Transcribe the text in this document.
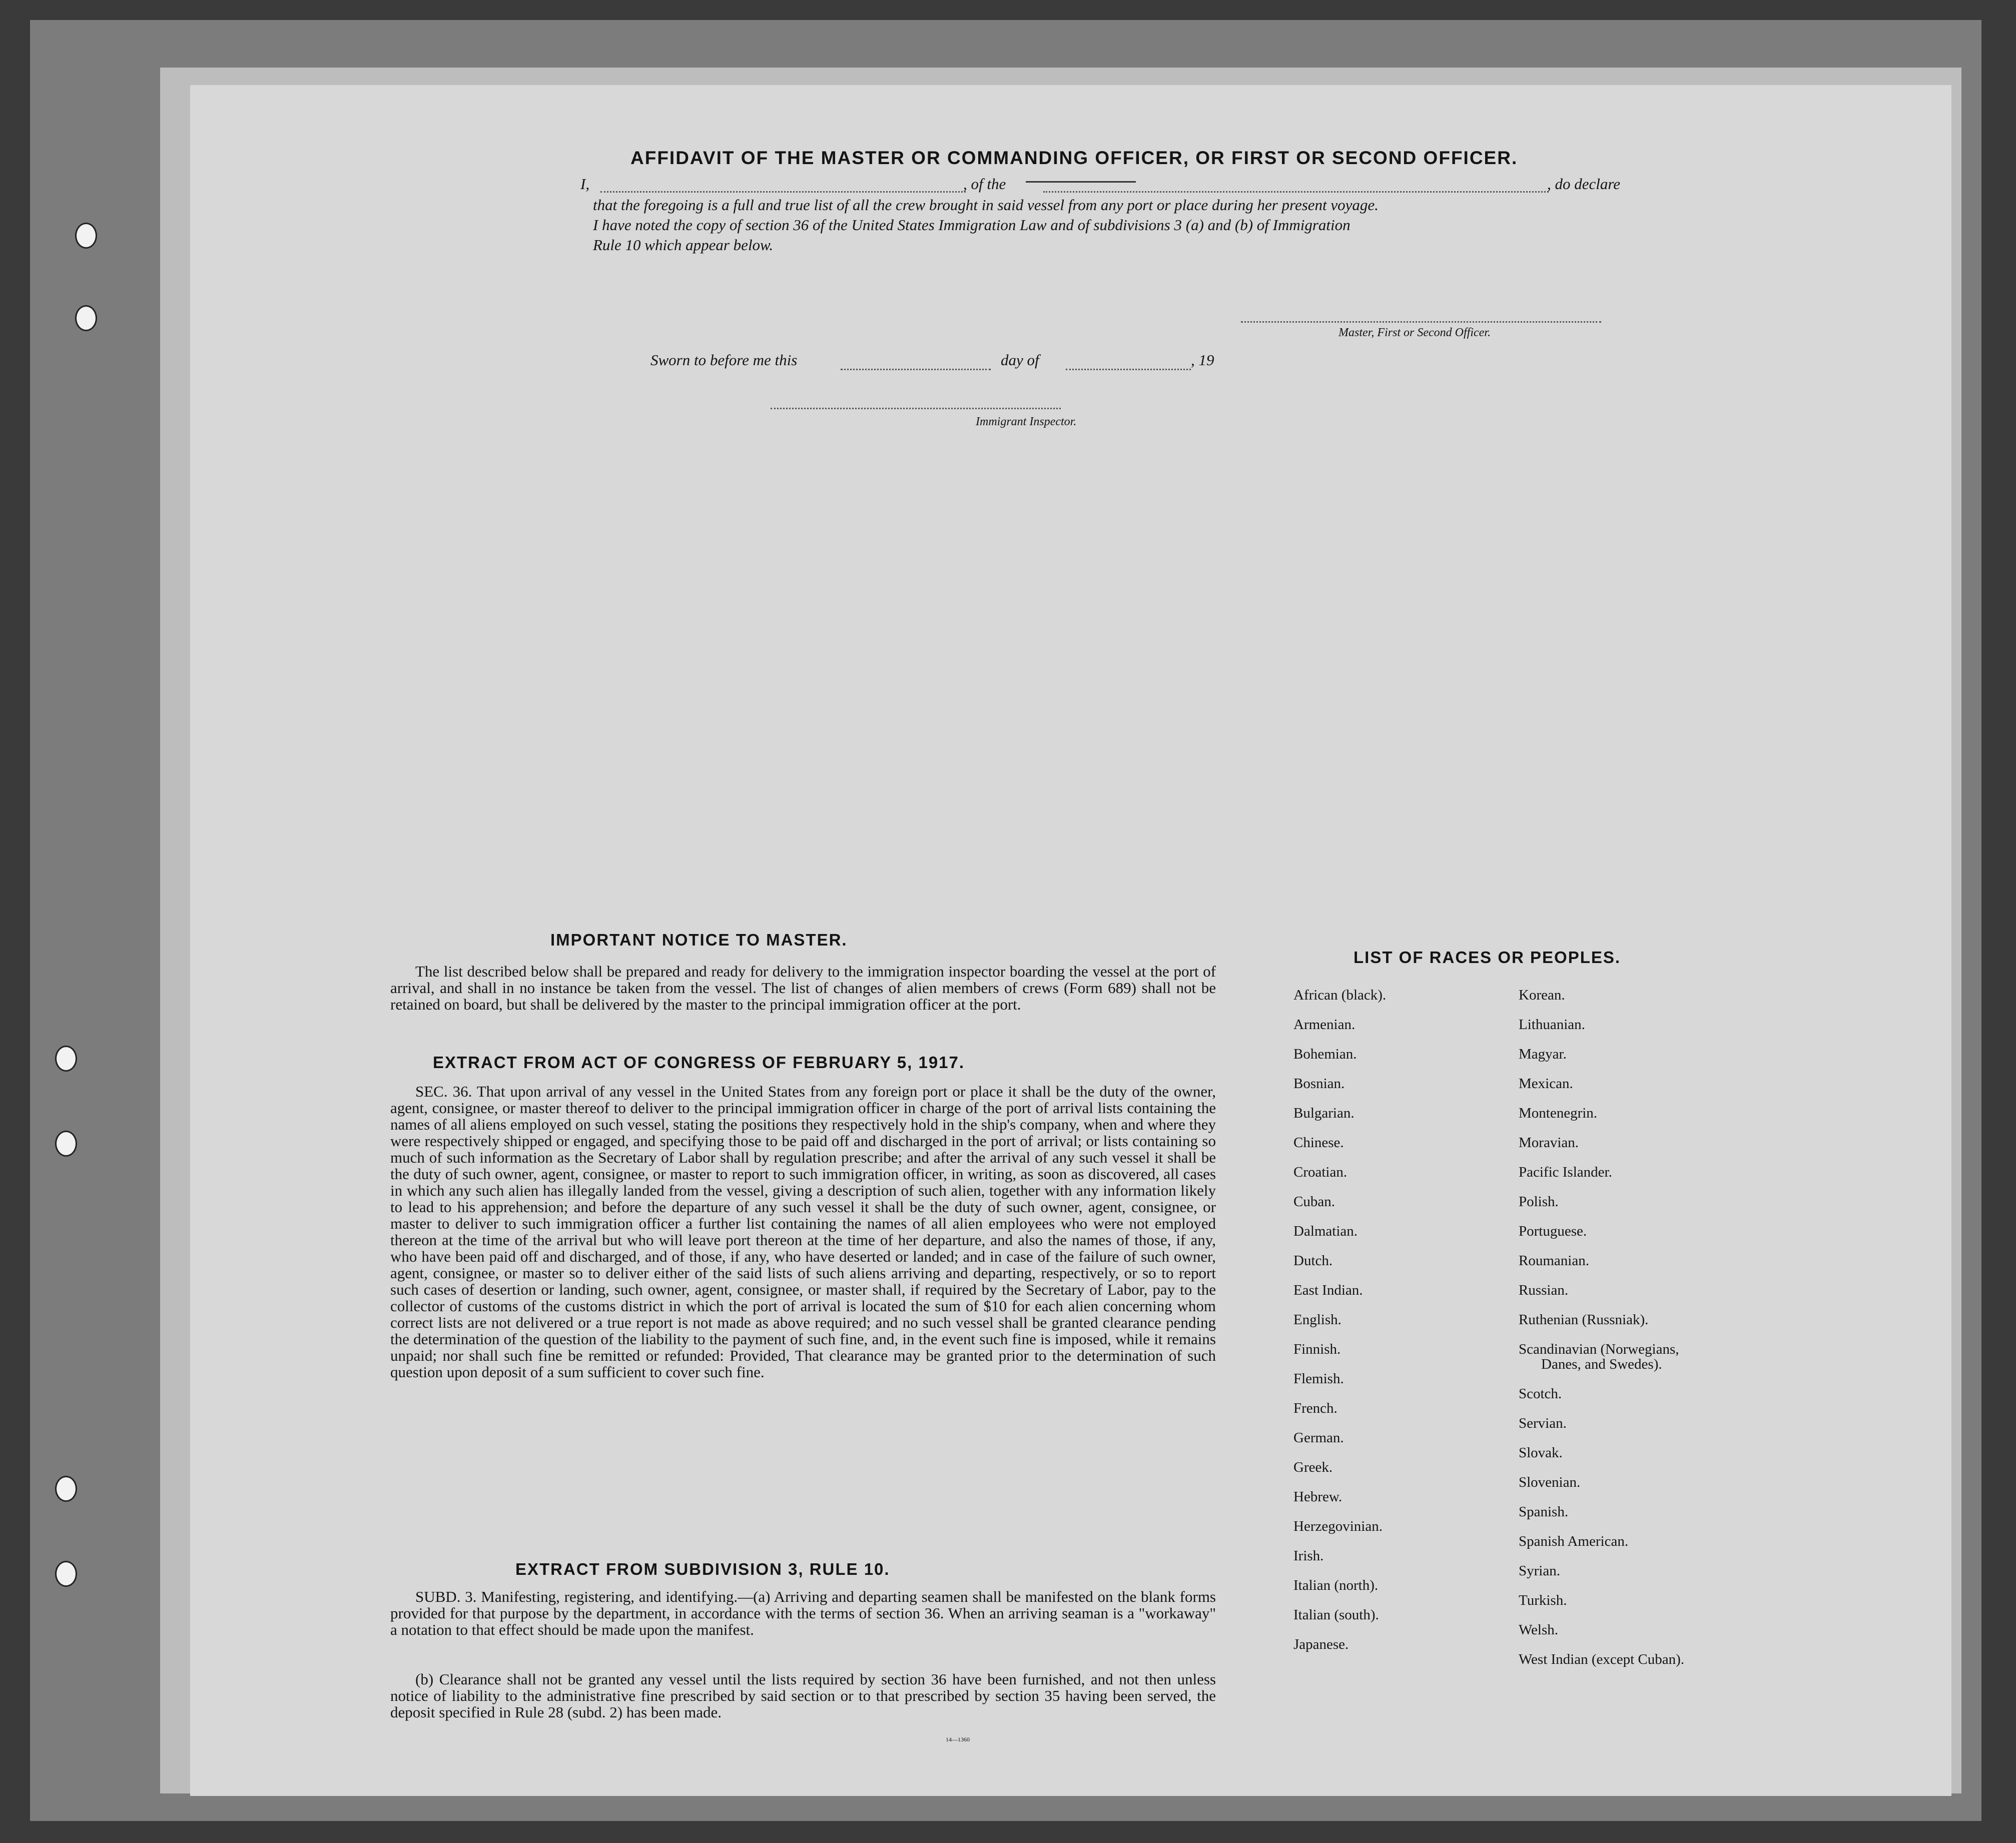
AFFIDAVIT OF THE MASTER OR COMMANDING OFFICER, OR FIRST OR SECOND OFFICER.
I,	, of the	, do declare
that the foregoing is a full and true list of all the crew brought in said vessel from any port or place during her present voyage.
I have noted the copy of section 36 of the United States Immigration Law and of subdivisions 3 (a) and (b) of Immigration
Rule 10 which appear below.
Master, First or Second Officer.
Sworn to before me this	day of	, 19
Immigrant Inspector.
IMPORTANT NOTICE TO MASTER.

The list described below shall be prepared and ready for delivery to the immigration inspector boarding the vessel at the port of arrival, and shall in no instance be taken from the vessel. The list of changes of alien members of crews (Form 689) shall not be retained on board, but shall be delivered by the master to the principal immigration officer at the port.

EXTRACT FROM ACT OF CONGRESS OF FEBRUARY 5, 1917.

SEC. 36. That upon arrival of any vessel in the United States from any foreign port or place it shall be the duty of the owner, agent, consignee, or master thereof to deliver to the principal immigration officer in charge of the port of arrival lists containing the names of all aliens employed on such vessel, stating the positions they respectively hold in the ship's company, when and where they were respectively shipped or engaged, and specifying those to be paid off and discharged in the port of arrival; or lists containing so much of such information as the Secretary of Labor shall by regulation prescribe; and after the arrival of any such vessel it shall be the duty of such owner, agent, consignee, or master to report to such immigration officer, in writing, as soon as discovered, all cases in which any such alien has illegally landed from the vessel, giving a description of such alien, together with any information likely to lead to his apprehension; and before the departure of any such vessel it shall be the duty of such owner, agent, consignee, or master to deliver to such immigration officer a further list containing the names of all alien employees who were not employed thereon at the time of the arrival but who will leave port thereon at the time of her departure, and also the names of those, if any, who have been paid off and discharged, and of those, if any, who have deserted or landed; and in case of the failure of such owner, agent, consignee, or master so to deliver either of the said lists of such aliens arriving and departing, respectively, or so to report such cases of desertion or landing, such owner, agent, consignee, or master shall, if required by the Secretary of Labor, pay to the collector of customs of the customs district in which the port of arrival is located the sum of $10 for each alien concerning whom correct lists are not delivered or a true report is not made as above required; and no such vessel shall be granted clearance pending the determination of the question of the liability to the payment of such fine, and, in the event such fine is imposed, while it remains unpaid; nor shall such fine be remitted or refunded: Provided, That clearance may be granted prior to the determination of such question upon deposit of a sum sufficient to cover such fine.

EXTRACT FROM SUBDIVISION 3, RULE 10.

SUBD. 3. Manifesting, registering, and identifying.—(a) Arriving and departing seamen shall be manifested on the blank forms provided for that purpose by the department, in accordance with the terms of section 36. When an arriving seaman is a "workaway" a notation to that effect should be made upon the manifest.

(b) Clearance shall not be granted any vessel until the lists required by section 36 have been furnished, and not then unless notice of liability to the administrative fine prescribed by said section or to that prescribed by section 35 having been served, the deposit specified in Rule 28 (subd. 2) has been made.

14—1360
LIST OF RACES OR PEOPLES.
African (black).
Armenian.
Bohemian.
Bosnian.
Bulgarian.
Chinese.
Croatian.
Cuban.
Dalmatian.
Dutch.
East Indian.
English.
Finnish.
Flemish.
French.
German.
Greek.
Hebrew.
Herzegovinian.
Irish.
Italian (north).
Italian (south).
Japanese.
Korean.
Lithuanian.
Magyar.
Mexican.
Montenegrin.
Moravian.
Pacific Islander.
Polish.
Portuguese.
Roumanian.
Russian.
Ruthenian (Russniak).
Scandinavian (Norwegians,
Danes, and Swedes).
Scotch.
Servian.
Slovak.
Slovenian.
Spanish.
Spanish American.
Syrian.
Turkish.
Welsh.
West Indian (except Cuban).
